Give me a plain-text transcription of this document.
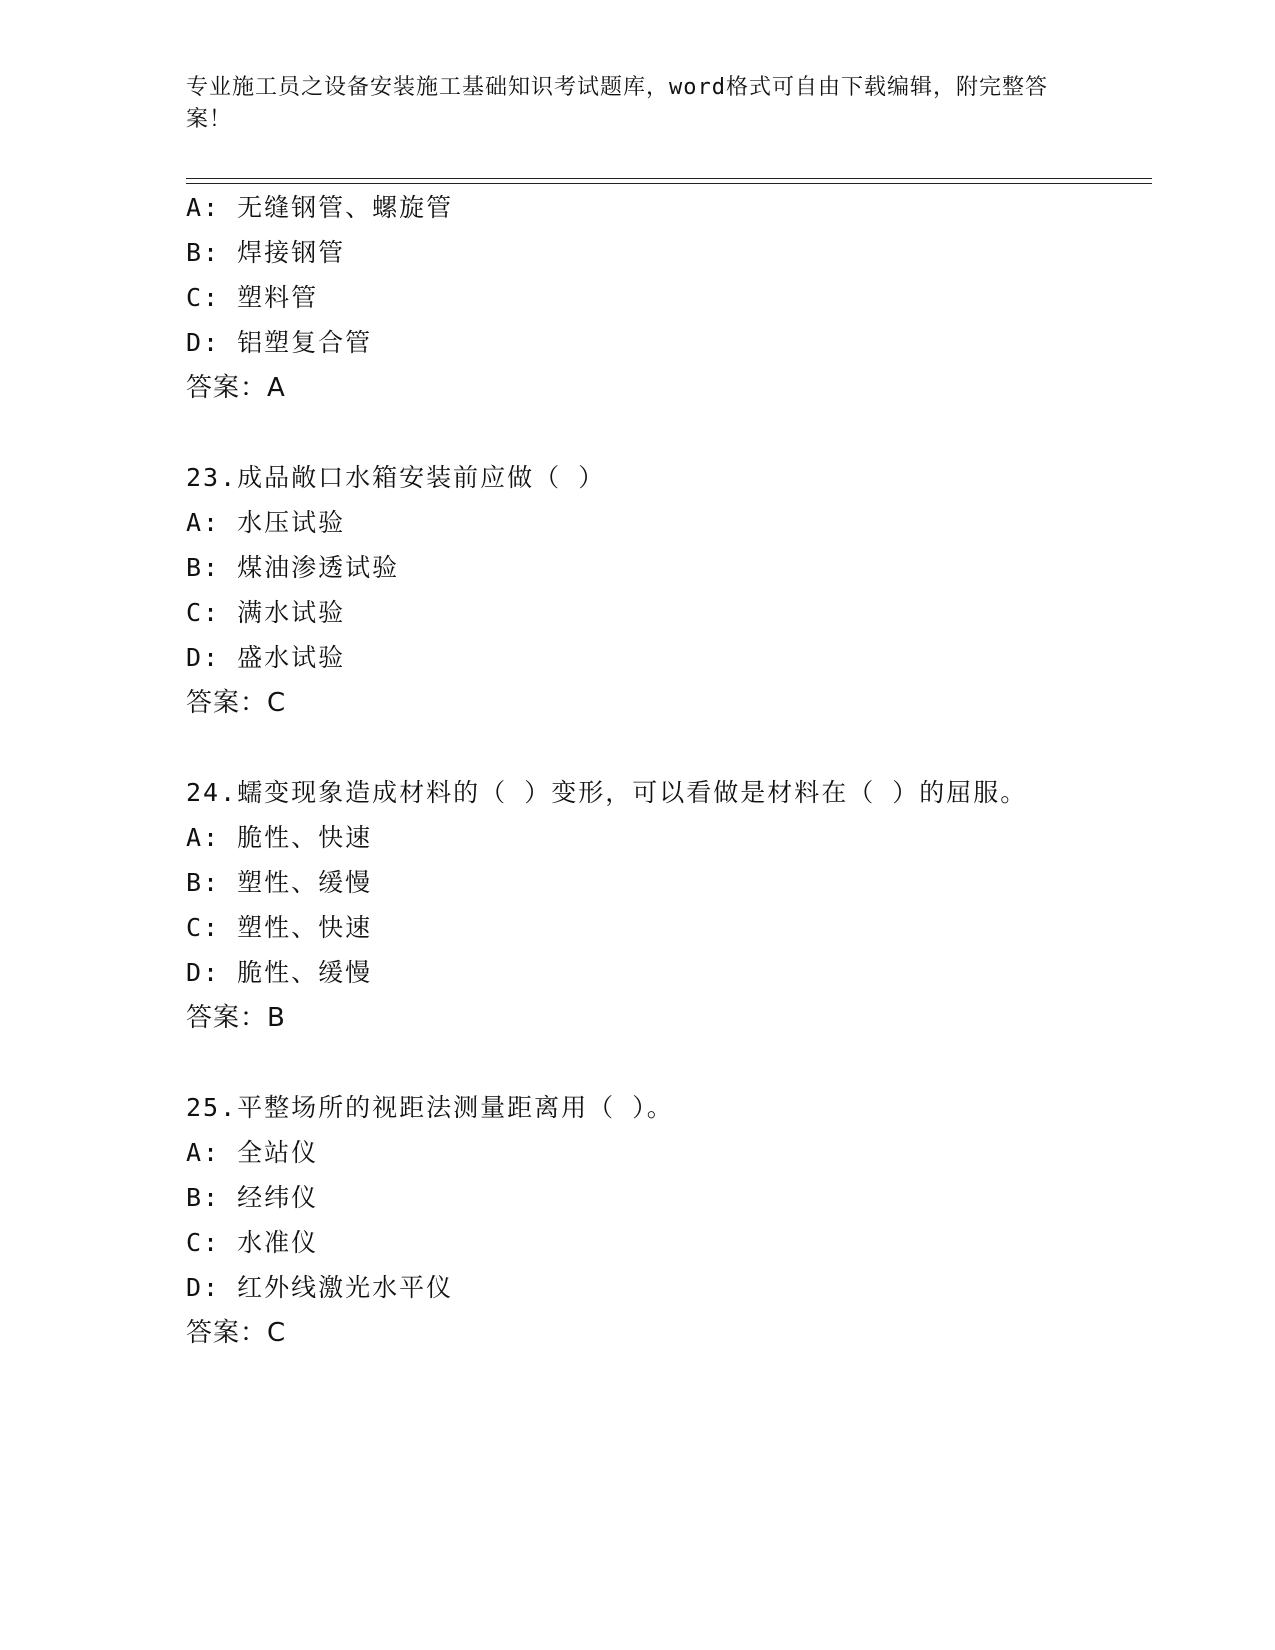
专业施工员之设备安装施工基础知识考试题库，word格式可自由下载编辑，附完整答案！
A: 无缝钢管、螺旋管
B: 焊接钢管
C: 塑料管
D: 铝塑复合管
答案：A
23.成品敞口水箱安装前应做（ ）
A: 水压试验
B: 煤油渗透试验
C: 满水试验
D: 盛水试验
答案：C
24.蠕变现象造成材料的（ ）变形，可以看做是材料在（ ）的屈服。
A: 脆性、快速
B: 塑性、缓慢
C: 塑性、快速
D: 脆性、缓慢
答案：B
25.平整场所的视距法测量距离用（ ）。
A: 全站仪
B: 经纬仪
C: 水准仪
D: 红外线激光水平仪
答案：C
